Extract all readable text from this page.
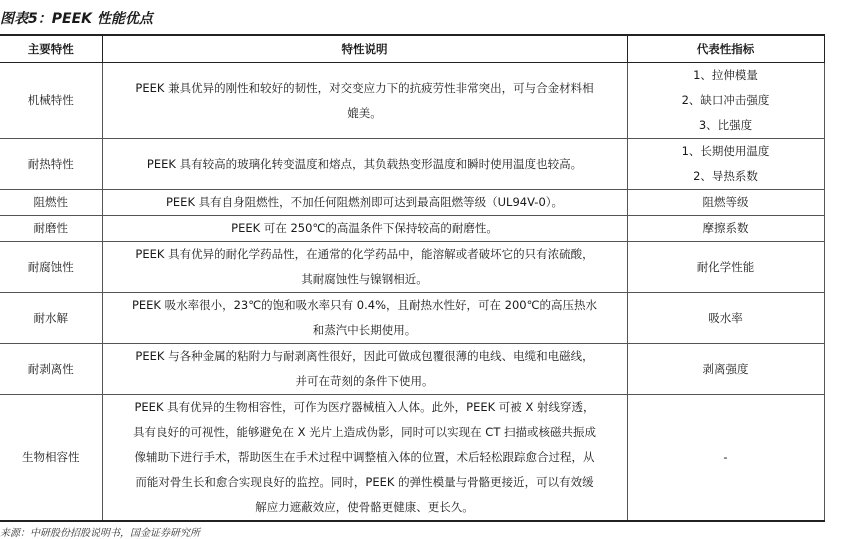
图表5：PEEK 性能优点
主要特性	特性说明	代表性指标
机械特性	PEEK 兼具优异的刚性和较好的韧性，对交变应力下的抗疲劳性非常突出，可与合金材料相
媲美。	1、拉伸模量
2、缺口冲击强度
3、比强度

耐热特性	PEEK 具有较高的玻璃化转变温度和熔点，其负载热变形温度和瞬时使用温度也较高。	1、长期使用温度
2、导热系数

阻燃性	PEEK 具有自身阻燃性，不加任何阻燃剂即可达到最高阻燃等级（UL94V-0）。	阻燃等级

耐磨性	PEEK 可在 250℃的高温条件下保持较高的耐磨性。	摩擦系数

耐腐蚀性	PEEK 具有优异的耐化学药品性，在通常的化学药品中，能溶解或者破坏它的只有浓硫酸，
其耐腐蚀性与镍钢相近。	耐化学性能

耐水解	PEEK 吸水率很小，23℃的饱和吸水率只有 0.4%，且耐热水性好，可在 200℃的高压热水
和蒸汽中长期使用。	吸水率

耐剥离性	PEEK 与各种金属的粘附力与耐剥离性很好，因此可做成包覆很薄的电线、电缆和电磁线，
并可在苛刻的条件下使用。	剥离强度

生物相容性	PEEK 具有优异的生物相容性，可作为医疗器械植入人体。此外，PEEK 可被 X 射线穿透，
具有良好的可视性，能够避免在 X 光片上造成伪影，同时可以实现在 CT 扫描或核磁共振成
像辅助下进行手术，帮助医生在手术过程中调整植入体的位置，术后轻松跟踪愈合过程，从
而能对骨生长和愈合实现良好的监控。同时，PEEK 的弹性模量与骨骼更接近，可以有效缓
解应力遮蔽效应，使骨骼更健康、更长久。	-
来源：中研股份招股说明书，国金证券研究所
